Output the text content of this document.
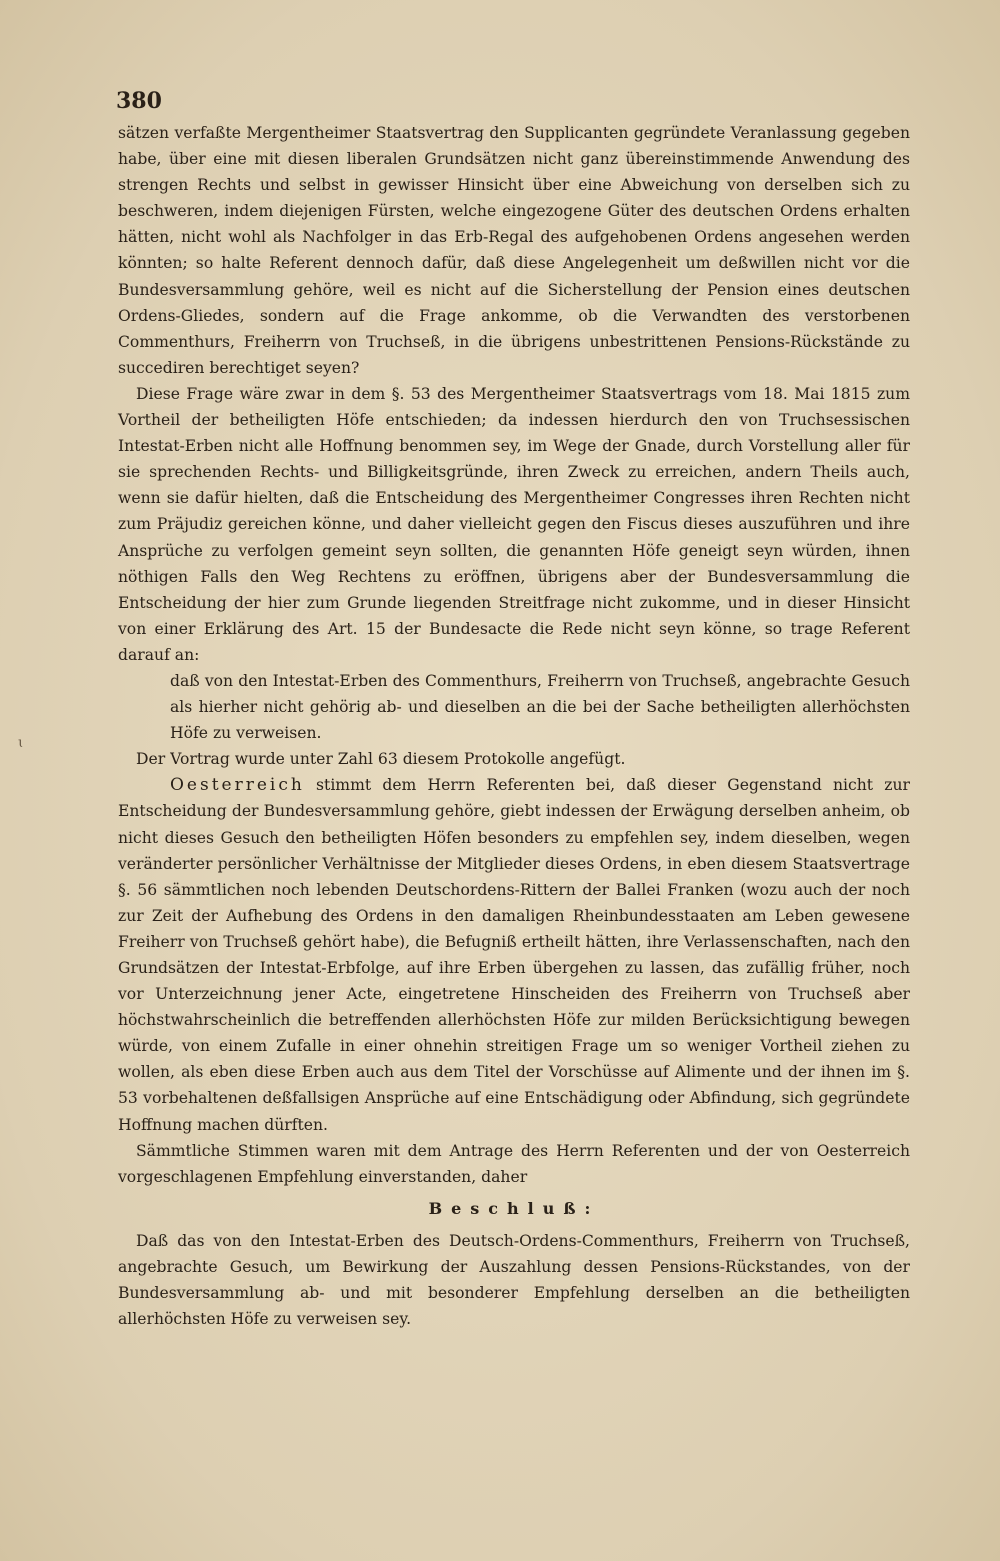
380

sätzen verfaßte Mergentheimer Staatsvertrag den Supplicanten gegründete Veranlassung gegeben habe, über eine mit diesen liberalen Grundsätzen nicht ganz übereinstimmende Anwendung des strengen Rechts und selbst in gewisser Hinsicht über eine Abweichung von derselben sich zu beschweren, indem diejenigen Fürsten, welche eingezogene Güter des deutschen Ordens erhalten hätten, nicht wohl als Nachfolger in das Erb-Regal des aufgehobenen Ordens angesehen werden könnten; so halte Referent dennoch dafür, daß diese Angelegenheit um deßwillen nicht vor die Bundesversammlung gehöre, weil es nicht auf die Sicherstellung der Pension eines deutschen Ordens-Gliedes, sondern auf die Frage ankomme, ob die Verwandten des verstorbenen Commenthurs, Freiherrn von Truchseß, in die übrigens unbestrittenen Pensions-Rückstände zu succediren berechtiget seyen?

Diese Frage wäre zwar in dem §. 53 des Mergentheimer Staatsvertrags vom 18. Mai 1815 zum Vortheil der betheiligten Höfe entschieden; da indessen hierdurch den von Truchsessischen Intestat-Erben nicht alle Hoffnung benommen sey, im Wege der Gnade, durch Vorstellung aller für sie sprechenden Rechts- und Billigkeitsgründe, ihren Zweck zu erreichen, andern Theils auch, wenn sie dafür hielten, daß die Entscheidung des Mergentheimer Congresses ihren Rechten nicht zum Präjudiz gereichen könne, und daher vielleicht gegen den Fiscus dieses auszuführen und ihre Ansprüche zu verfolgen gemeint seyn sollten, die genannten Höfe geneigt seyn würden, ihnen nöthigen Falls den Weg Rechtens zu eröffnen, übrigens aber der Bundesversammlung die Entscheidung der hier zum Grunde liegenden Streitfrage nicht zukomme, und in dieser Hinsicht von einer Erklärung des Art. 15 der Bundesacte die Rede nicht seyn könne, so trage Referent darauf an:

daß von den Intestat-Erben des Commenthurs, Freiherrn von Truchseß, angebrachte Gesuch als hierher nicht gehörig ab- und dieselben an die bei der Sache betheiligten allerhöchsten Höfe zu verweisen.

Der Vortrag wurde unter Zahl 63 diesem Protokolle angefügt.

Oesterreich stimmt dem Herrn Referenten bei, daß dieser Gegenstand nicht zur Entscheidung der Bundesversammlung gehöre, giebt indessen der Erwägung derselben anheim, ob nicht dieses Gesuch den betheiligten Höfen besonders zu empfehlen sey, indem dieselben, wegen veränderter persönlicher Verhältnisse der Mitglieder dieses Ordens, in eben diesem Staatsvertrage §. 56 sämmtlichen noch lebenden Deutschordens-Rittern der Ballei Franken (wozu auch der noch zur Zeit der Aufhebung des Ordens in den damaligen Rheinbundesstaaten am Leben gewesene Freiherr von Truchseß gehört habe), die Befugniß ertheilt hätten, ihre Verlassenschaften, nach den Grundsätzen der Intestat-Erbfolge, auf ihre Erben übergehen zu lassen, das zufällig früher, noch vor Unterzeichnung jener Acte, eingetretene Hinscheiden des Freiherrn von Truchseß aber höchstwahrscheinlich die betreffenden allerhöchsten Höfe zur milden Berücksichtigung bewegen würde, von einem Zufalle in einer ohnehin streitigen Frage um so weniger Vortheil ziehen zu wollen, als eben diese Erben auch aus dem Titel der Vorschüsse auf Alimente und der ihnen im §. 53 vorbehaltenen deßfallsigen Ansprüche auf eine Entschädigung oder Abfindung, sich gegründete Hoffnung machen dürften.

Sämmtliche Stimmen waren mit dem Antrage des Herrn Referenten und der von Oesterreich vorgeschlagenen Empfehlung einverstanden, daher

Beschluß:

Daß das von den Intestat-Erben des Deutsch-Ordens-Commenthurs, Freiherrn von Truchseß, angebrachte Gesuch, um Bewirkung der Auszahlung dessen Pensions-Rückstandes, von der Bundesversammlung ab- und mit besonderer Empfehlung derselben an die betheiligten allerhöchsten Höfe zu verweisen sey.

ɩ
